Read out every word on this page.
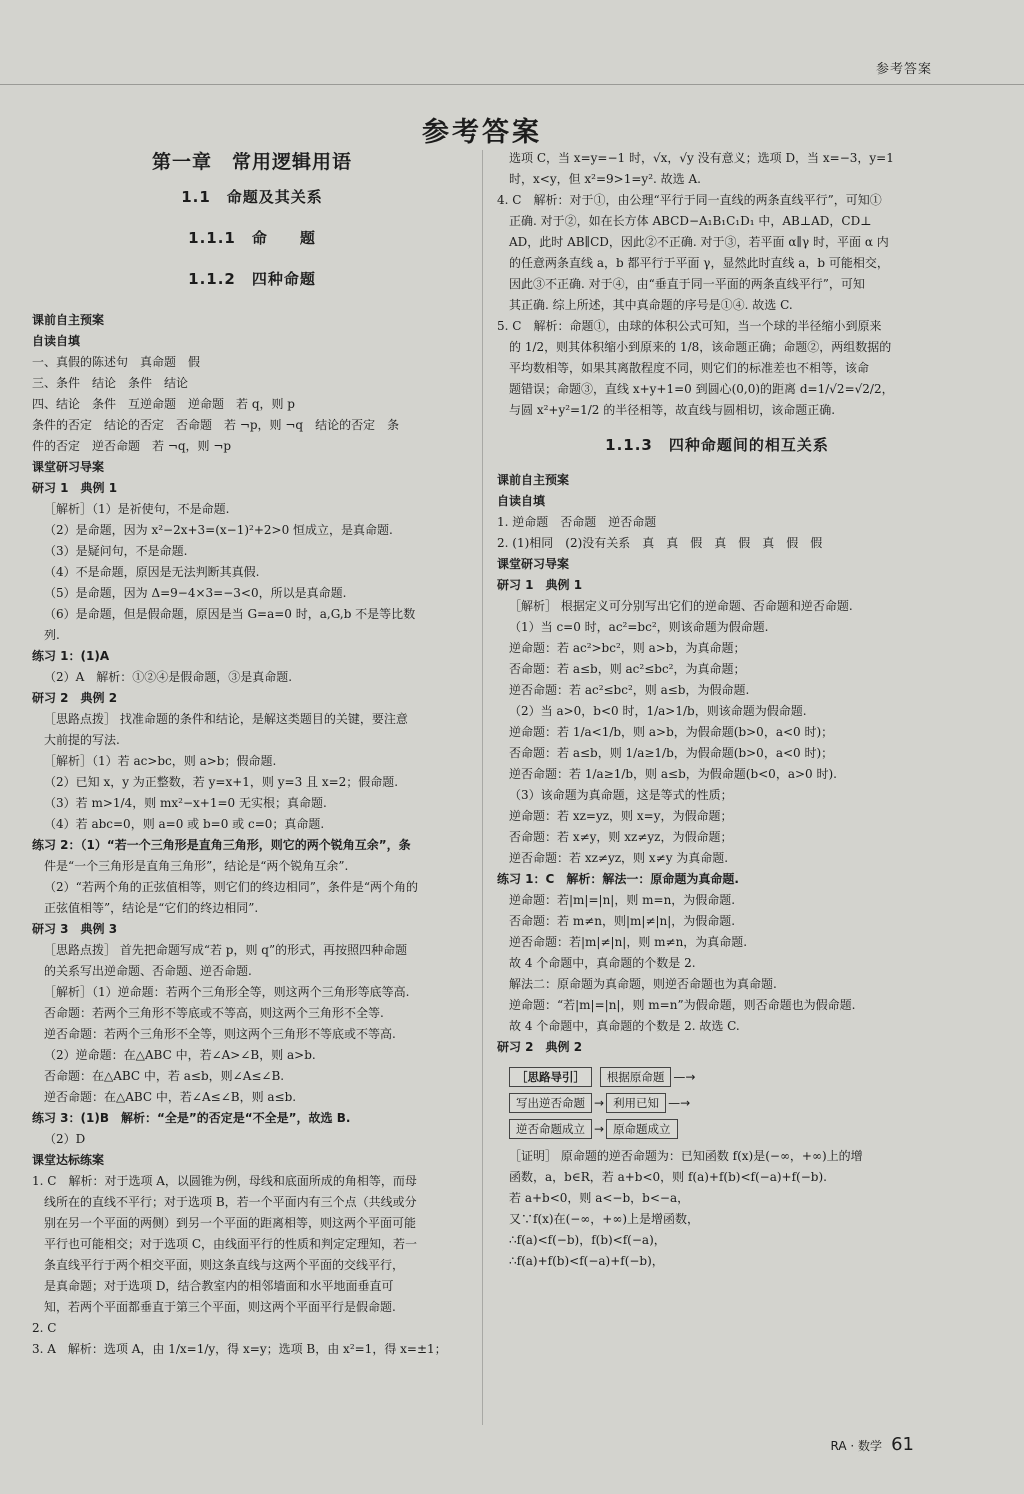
参考答案
参考答案
第一章　常用逻辑用语
1.1　命题及其关系
1.1.1　命　　题
1.1.2　四种命题
课前自主预案
自读自填
一、真假的陈述句　真命题　假
三、条件　结论　条件　结论
四、结论　条件　互逆命题　逆命题　若 q，则 p
条件的否定　结论的否定　否命题　若 ¬p，则 ¬q　结论的否定　条
件的否定　逆否命题　若 ¬q，则 ¬p
课堂研习导案
研习 1　典例 1
［解析］（1）是祈使句，不是命题.
（2）是命题，因为 x²−2x+3=(x−1)²+2>0 恒成立，是真命题.
（3）是疑问句，不是命题.
（4）不是命题，原因是无法判断其真假.
（5）是命题，因为 Δ=9−4×3=−3<0，所以是真命题.
（6）是命题，但是假命题，原因是当 G=a=0 时，a,G,b 不是等比数
列.
练习 1：(1)A
（2）A　解析：①②④是假命题，③是真命题.
研习 2　典例 2
［思路点拨］ 找准命题的条件和结论，是解这类题目的关键，要注意
大前提的写法.
［解析］（1）若 ac>bc，则 a>b；假命题.
（2）已知 x，y 为正整数，若 y=x+1，则 y=3 且 x=2；假命题.
（3）若 m>1/4，则 mx²−x+1=0 无实根；真命题.
（4）若 abc=0，则 a=0 或 b=0 或 c=0；真命题.
练习 2：（1）“若一个三角形是直角三角形，则它的两个锐角互余”，条
件是“一个三角形是直角三角形”，结论是“两个锐角互余”.
（2）“若两个角的正弦值相等，则它们的终边相同”，条件是“两个角的
正弦值相等”，结论是“它们的终边相同”.
研习 3　典例 3
［思路点拨］ 首先把命题写成“若 p，则 q”的形式，再按照四种命题
的关系写出逆命题、否命题、逆否命题.
［解析］（1）逆命题：若两个三角形全等，则这两个三角形等底等高.
否命题：若两个三角形不等底或不等高，则这两个三角形不全等.
逆否命题：若两个三角形不全等，则这两个三角形不等底或不等高.
（2）逆命题：在△ABC 中，若∠A>∠B，则 a>b.
否命题：在△ABC 中，若 a≤b，则∠A≤∠B.
逆否命题：在△ABC 中，若∠A≤∠B，则 a≤b.
练习 3：(1)B　解析：“全是”的否定是“不全是”，故选 B.
（2）D
课堂达标练案
1. C　解析：对于选项 A，以圆锥为例，母线和底面所成的角相等，而母
线所在的直线不平行；对于选项 B，若一个平面内有三个点（共线或分
别在另一个平面的两侧）到另一个平面的距离相等，则这两个平面可能
平行也可能相交；对于选项 C，由线面平行的性质和判定定理知，若一
条直线平行于两个相交平面，则这条直线与这两个平面的交线平行，
是真命题；对于选项 D，结合教室内的相邻墙面和水平地面垂直可
知，若两个平面都垂直于第三个平面，则这两个平面平行是假命题.
2. C
3. A　解析：选项 A，由 1/x=1/y，得 x=y；选项 B，由 x²=1，得 x=±1；
选项 C，当 x=y=−1 时，√x，√y 没有意义；选项 D，当 x=−3，y=1
时，x<y，但 x²=9>1=y². 故选 A.
4. C　解析：对于①，由公理“平行于同一直线的两条直线平行”，可知①
正确. 对于②，如在长方体 ABCD−A₁B₁C₁D₁ 中，AB⊥AD，CD⊥
AD，此时 AB∥CD，因此②不正确. 对于③，若平面 α∥γ 时，平面 α 内
的任意两条直线 a，b 都平行于平面 γ，显然此时直线 a，b 可能相交，
因此③不正确. 对于④，由“垂直于同一平面的两条直线平行”，可知
其正确. 综上所述，其中真命题的序号是①④. 故选 C.
5. C　解析：命题①，由球的体积公式可知，当一个球的半径缩小到原来
的 1/2，则其体积缩小到原来的 1/8，该命题正确；命题②，两组数据的
平均数相等，如果其离散程度不同，则它们的标准差也不相等，该命
题错误；命题③，直线 x+y+1=0 到圆心(0,0)的距离 d=1/√2=√2/2，
与圆 x²+y²=1/2 的半径相等，故直线与圆相切，该命题正确.
1.1.3　四种命题间的相互关系
课前自主预案
自读自填
1. 逆命题　否命题　逆否命题
2. (1)相同　(2)没有关系　真　真　假　真　假　真　假　假
课堂研习导案
研习 1　典例 1
［解析］ 根据定义可分别写出它们的逆命题、否命题和逆否命题.
（1）当 c=0 时，ac²=bc²，则该命题为假命题.
逆命题：若 ac²>bc²，则 a>b，为真命题；
否命题：若 a≤b，则 ac²≤bc²，为真命题；
逆否命题：若 ac²≤bc²，则 a≤b，为假命题.
（2）当 a>0，b<0 时，1/a>1/b，则该命题为假命题.
逆命题：若 1/a<1/b，则 a>b，为假命题(b>0，a<0 时)；
否命题：若 a≤b，则 1/a≥1/b，为假命题(b>0，a<0 时)；
逆否命题：若 1/a≥1/b，则 a≤b，为假命题(b<0，a>0 时).
（3）该命题为真命题，这是等式的性质；
逆命题：若 xz=yz，则 x=y，为假命题；
否命题：若 x≠y，则 xz≠yz，为假命题；
逆否命题：若 xz≠yz，则 x≠y 为真命题.
练习 1：C　解析：解法一：原命题为真命题.
逆命题：若|m|=|n|，则 m=n，为假命题.
否命题：若 m≠n，则|m|≠|n|，为假命题.
逆否命题：若|m|≠|n|，则 m≠n，为真命题.
故 4 个命题中，真命题的个数是 2.
解法二：原命题为真命题，则逆否命题也为真命题.
逆命题：“若|m|=|n|，则 m=n”为假命题，则否命题也为假命题.
故 4 个命题中，真命题的个数是 2. 故选 C.
研习 2　典例 2
［思路导引］
	根据原命题 —→
写出逆否命题 → 利用已知 —→
逆否命题成立 → 原命题成立
［证明］ 原命题的逆否命题为：已知函数 f(x)是(−∞，+∞)上的增
函数，a，b∈R，若 a+b<0，则 f(a)+f(b)<f(−a)+f(−b).
若 a+b<0，则 a<−b，b<−a，
又∵f(x)在(−∞，+∞)上是增函数，
∴f(a)<f(−b)，f(b)<f(−a)，
∴f(a)+f(b)<f(−a)+f(−b)，
RA · 数学 61
